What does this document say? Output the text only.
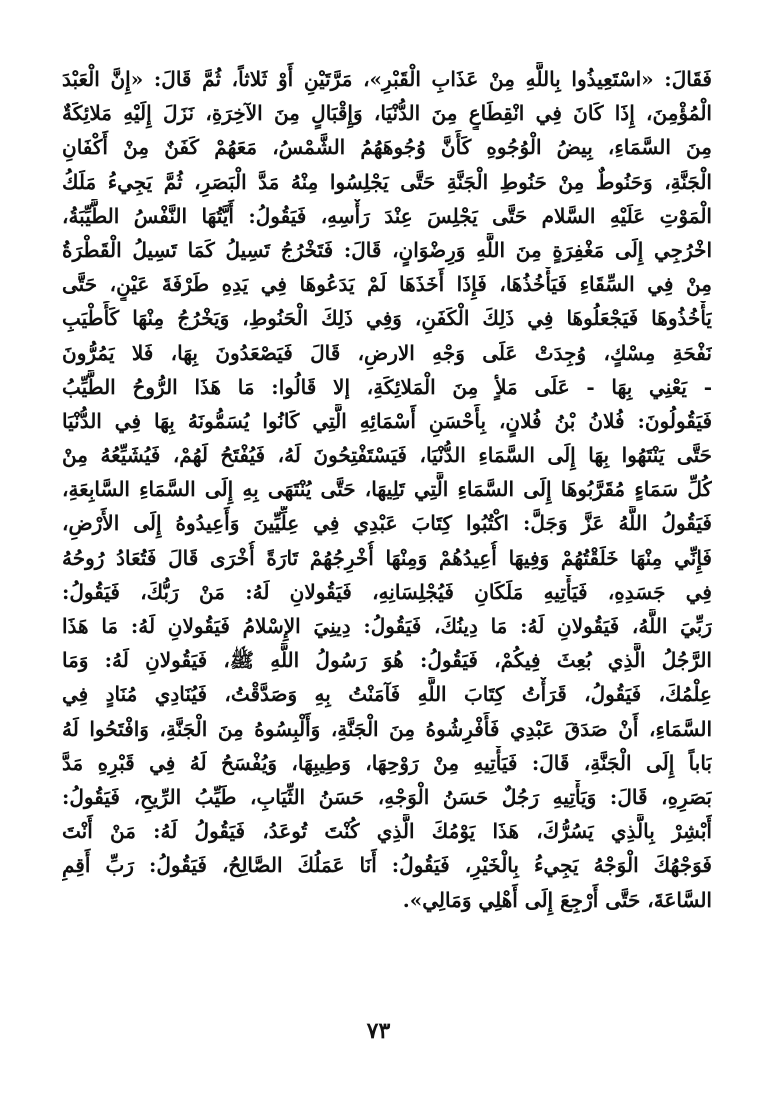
فَقَالَ: «اسْتَعِيذُوا بِاللَّهِ مِنْ عَذَابِ الْقَبْرِ»، مَرَّتَيْنِ أَوْ ثَلاثاً، ثُمَّ قَالَ: «إِنَّ الْعَبْدَ
الْمُؤْمِنَ، إِذَا كَانَ فِي انْقِطَاعٍ مِنَ الدُّنْيَا، وَإِقْبَالٍ مِنَ الآخِرَةِ، نَزَلَ إِلَيْهِ مَلائِكَةٌ
مِنَ السَّمَاءِ، بِيضُ الْوُجُوهِ كَأَنَّ وُجُوهَهُمُ الشَّمْسُ، مَعَهُمْ كَفَنٌ مِنْ أَكْفَانِ
الْجَنَّةِ، وَحَنُوطٌ مِنْ حَنُوطِ الْجَنَّةِ حَتَّى يَجْلِسُوا مِنْهُ مَدَّ الْبَصَرِ، ثُمَّ يَجِيءُ مَلَكُ
الْمَوْتِ عَلَيْهِ السَّلام حَتَّى يَجْلِسَ عِنْدَ رَأْسِهِ، فَيَقُولُ: أَيَّتُهَا النَّفْسُ الطَّيِّبَةُ،
اخْرُجِي إِلَى مَغْفِرَةٍ مِنَ اللَّهِ وَرِضْوَانٍ، قَالَ: فَتَخْرُجُ تَسِيلُ كَمَا تَسِيلُ الْقَطْرَةُ
مِنْ فِي السِّقَاءِ فَيَأْخُذُهَا، فَإِذَا أَخَذَهَا لَمْ يَدَعُوهَا فِي يَدِهِ طَرْفَةَ عَيْنٍ، حَتَّى
يَأْخُذُوهَا فَيَجْعَلُوهَا فِي ذَلِكَ الْكَفَنِ، وَفِي ذَلِكَ الْحَنُوطِ، وَيَخْرُجُ مِنْهَا كَأَطْيَبِ
نَفْحَةِ مِسْكٍ، وُجِدَتْ عَلَى وَجْهِ الارضِ، قَالَ فَيَصْعَدُونَ بِهَا، فَلا يَمُرُّونَ
- يَعْنِي بِهَا - عَلَى مَلأٍ مِنَ الْمَلائِكَةِ، إلا قَالُوا: مَا هَذَا الرُّوحُ الطَّيِّبُ
فَيَقُولُونَ: فُلانُ بْنُ فُلانٍ، بِأَحْسَنِ أَسْمَائِهِ الَّتِي كَانُوا يُسَمُّونَهُ بِهَا فِي الدُّنْيَا
حَتَّى يَنْتَهُوا بِهَا إِلَى السَّمَاءِ الدُّنْيَا، فَيَسْتَفْتِحُونَ لَهُ، فَيُفْتَحُ لَهُمْ، فَيُشَيِّعُهُ مِنْ
كُلِّ سَمَاءٍ مُقَرَّبُوهَا إِلَى السَّمَاءِ الَّتِي تَلِيهَا، حَتَّى يُنْتَهَى بِهِ إِلَى السَّمَاءِ السَّابِعَةِ،
فَيَقُولُ اللَّهُ عَزَّ وَجَلَّ: اكْتُبُوا كِتَابَ عَبْدِي فِي عِلِّيِّينَ وَأَعِيدُوهُ إِلَى الأَرْضِ،
فَإِنِّي مِنْهَا خَلَقْتُهُمْ وَفِيهَا أُعِيدُهُمْ وَمِنْهَا أُخْرِجُهُمْ تَارَةً أُخْرَى قَالَ فَتُعَادُ رُوحُهُ
فِي جَسَدِهِ، فَيَأْتِيهِ مَلَكَانِ فَيُجْلِسَانِهِ، فَيَقُولانِ لَهُ: مَنْ رَبُّكَ، فَيَقُولُ:
رَبِّيَ اللَّهُ، فَيَقُولانِ لَهُ: مَا دِينُكَ، فَيَقُولُ: دِينِيَ الإِسْلامُ فَيَقُولانِ لَهُ: مَا هَذَا
الرَّجُلُ الَّذِي بُعِثَ فِيكُمْ، فَيَقُولُ: هُوَ رَسُولُ اللَّهِ ﷺ، فَيَقُولانِ لَهُ: وَمَا
عِلْمُكَ، فَيَقُولُ، قَرَأْتُ كِتَابَ اللَّهِ فَآمَنْتُ بِهِ وَصَدَّقْتُ، فَيُنَادِي مُنَادٍ فِي
السَّمَاءِ، أَنْ صَدَقَ عَبْدِي فَأَفْرِشُوهُ مِنَ الْجَنَّةِ، وَأَلْبِسُوهُ مِنَ الْجَنَّةِ، وَافْتَحُوا لَهُ
بَاباً إِلَى الْجَنَّةِ، قَالَ: فَيَأْتِيهِ مِنْ رَوْحِهَا، وَطِيبِهَا، وَيُفْسَحُ لَهُ فِي قَبْرِهِ مَدَّ
بَصَرِهِ، قَالَ: وَيَأْتِيهِ رَجُلٌ حَسَنُ الْوَجْهِ، حَسَنُ الثِّيَابِ، طَيِّبُ الرِّيحِ، فَيَقُولُ:
أَبْشِرْ بِالَّذِي يَسُرُّكَ، هَذَا يَوْمُكَ الَّذِي كُنْتَ تُوعَدُ، فَيَقُولُ لَهُ: مَنْ أَنْتَ
فَوَجْهُكَ الْوَجْهُ يَجِيءُ بِالْخَيْرِ، فَيَقُولُ: أَنَا عَمَلُكَ الصَّالِحُ، فَيَقُولُ: رَبِّ أَقِمِ
السَّاعَةَ، حَتَّى أَرْجِعَ إِلَى أَهْلِي وَمَالِي».
٧٣
